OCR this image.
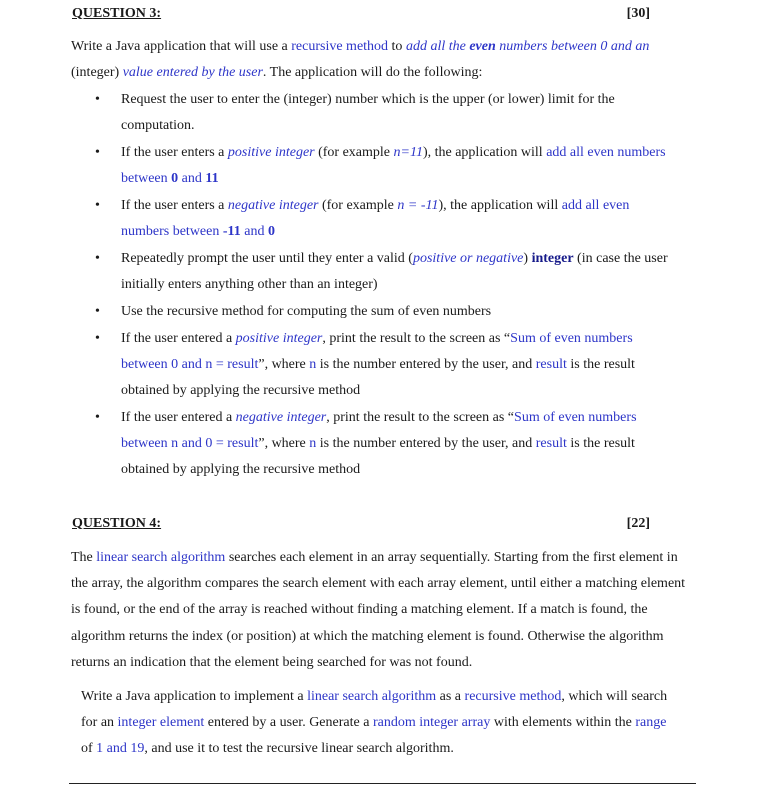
QUESTION 3:	[30]

Write a Java application that will use a recursive method to add all the even numbers between 0 and an (integer) value entered by the user. The application will do the following:

• Request the user to enter the (integer) number which is the upper (or lower) limit for the computation.
• If the user enters a positive integer (for example n=11), the application will add all even numbers between 0 and 11
• If the user enters a negative integer (for example n = -11), the application will add all even numbers between -11 and 0
• Repeatedly prompt the user until they enter a valid (positive or negative) integer (in case the user initially enters anything other than an integer)
• Use the recursive method for computing the sum of even numbers
• If the user entered a positive integer, print the result to the screen as “Sum of even numbers between 0 and n = result”, where n is the number entered by the user, and result is the result obtained by applying the recursive method
• If the user entered a negative integer, print the result to the screen as “Sum of even numbers between n and 0 = result”, where n is the number entered by the user, and result is the result obtained by applying the recursive method
QUESTION 4:	[22]

The linear search algorithm searches each element in an array sequentially. Starting from the first element in the array, the algorithm compares the search element with each array element, until either a matching element is found, or the end of the array is reached without finding a matching element. If a match is found, the algorithm returns the index (or position) at which the matching element is found. Otherwise the algorithm returns an indication that the element being searched for was not found.

Write a Java application to implement a linear search algorithm as a recursive method, which will search for an integer element entered by a user. Generate a random integer array with elements within the range of 1 and 19, and use it to test the recursive linear search algorithm.
